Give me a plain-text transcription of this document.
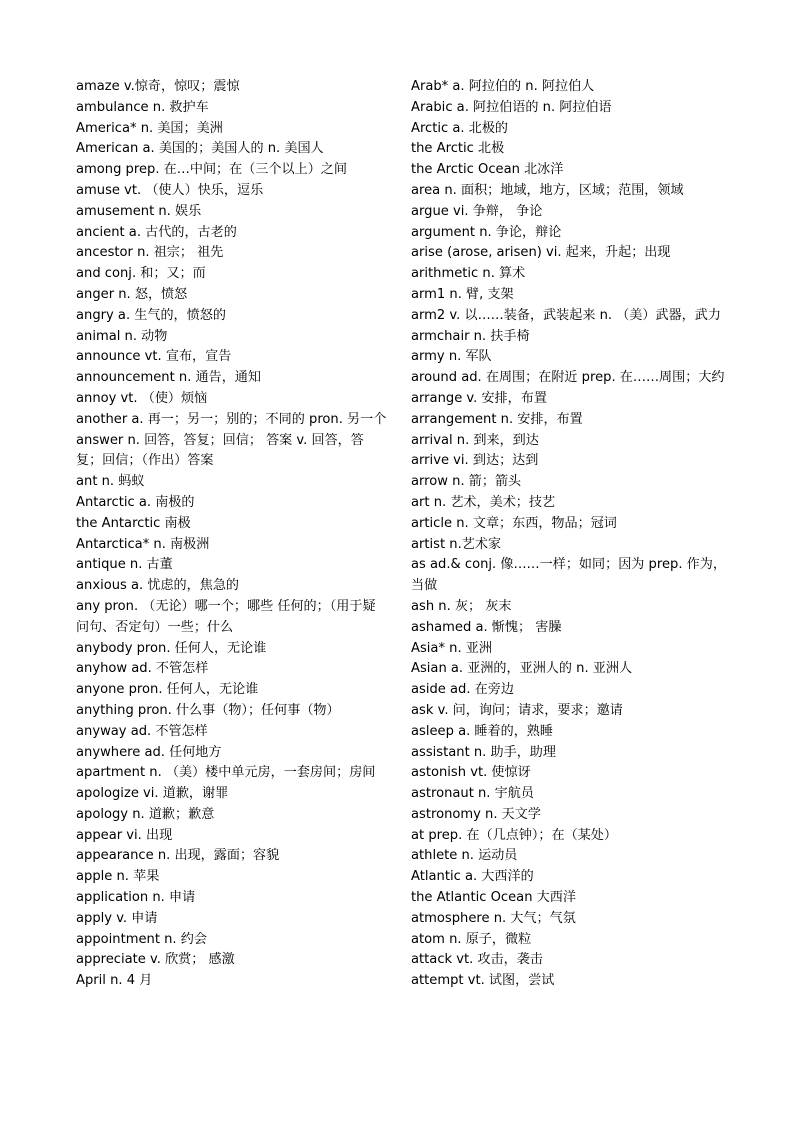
amaze v.惊奇，惊叹；震惊
ambulance n. 救护车
America* n. 美国；美洲
American a. 美国的；美国人的 n. 美国人
among prep. 在…中间；在（三个以上）之间
amuse vt. （使人）快乐，逗乐
amusement n. 娱乐
ancient a. 古代的，古老的
ancestor n. 祖宗； 祖先
and conj. 和；又；而
anger n. 怒，愤怒
angry a. 生气的，愤怒的
animal n. 动物
announce vt. 宣布，宣告
announcement n. 通告，通知
annoy vt. （使）烦恼
another a. 再一；另一；别的；不同的 pron. 另一个
answer n. 回答，答复；回信； 答案 v. 回答，答复；回信；（作出）答案
ant n. 蚂蚁
Antarctic a. 南极的
the Antarctic 南极
Antarctica* n. 南极洲
antique n. 古董
anxious a. 忧虑的，焦急的
any pron. （无论）哪一个；哪些 任何的；（用于疑问句、否定句）一些；什么
anybody pron. 任何人，无论谁
anyhow ad. 不管怎样
anyone pron. 任何人，无论谁
anything pron. 什么事（物）；任何事（物）
anyway ad. 不管怎样
anywhere ad. 任何地方
apartment n. （美）楼中单元房，一套房间；房间
apologize vi. 道歉，谢罪
apology n. 道歉；歉意
appear vi. 出现
appearance n. 出现，露面；容貌
apple n. 苹果
application n. 申请
apply v. 申请
appointment n. 约会
appreciate v. 欣赏； 感激
April n. 4 月
Arab* a. 阿拉伯的 n. 阿拉伯人
Arabic a. 阿拉伯语的 n. 阿拉伯语
Arctic a. 北极的
the Arctic 北极
the Arctic Ocean 北冰洋
area n. 面积；地域，地方，区域；范围，领域
argue vi. 争辩， 争论
argument n. 争论，辩论
arise (arose, arisen) vi. 起来，升起；出现
arithmetic n. 算术
arm1 n. 臂, 支架
arm2 v. 以……装备，武装起来 n. （美）武器，武力
armchair n. 扶手椅
army n. 军队
around ad. 在周围；在附近 prep. 在……周围；大约
arrange v. 安排，布置
arrangement n. 安排，布置
arrival n. 到来，到达
arrive vi. 到达；达到
arrow n. 箭；箭头
art n. 艺术，美术；技艺
article n. 文章；东西，物品；冠词
artist n.艺术家
as ad.& conj. 像……一样；如同；因为 prep. 作为，当做
ash n. 灰； 灰末
ashamed a. 惭愧； 害臊
Asia* n. 亚洲
Asian a. 亚洲的，亚洲人的 n. 亚洲人
aside ad. 在旁边
ask v. 问，询问；请求，要求；邀请
asleep a. 睡着的，熟睡
assistant n. 助手，助理
astonish vt. 使惊讶
astronaut n. 宇航员
astronomy n. 天文学
at prep. 在（几点钟）；在（某处）
athlete n. 运动员
Atlantic a. 大西洋的
the Atlantic Ocean 大西洋
atmosphere n. 大气；气氛
atom n. 原子，微粒
attack vt. 攻击，袭击
attempt vt. 试图，尝试
